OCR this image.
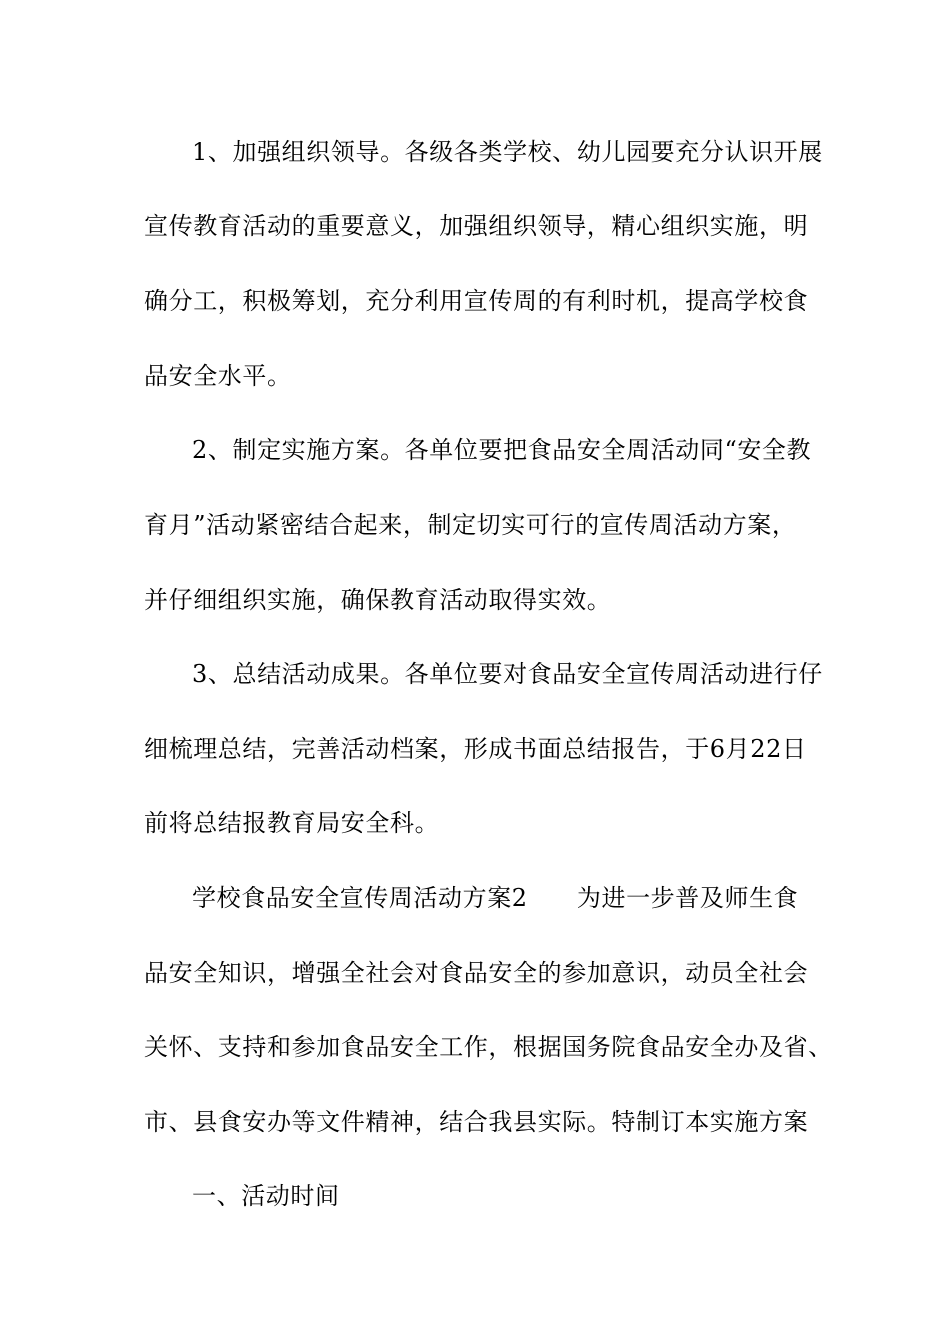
1、加强组织领导。各级各类学校、幼儿园要充分认识开展
宣传教育活动的重要意义，加强组织领导，精心组织实施，明
确分工，积极筹划，充分利用宣传周的有利时机，提高学校食
品安全水平。
2、制定实施方案。各单位要把食品安全周活动同“安全教
育月”活动紧密结合起来，制定切实可行的宣传周活动方案，
并仔细组织实施，确保教育活动取得实效。
3、总结活动成果。各单位要对食品安全宣传周活动进行仔
细梳理总结，完善活动档案，形成书面总结报告，于6月22日
前将总结报教育局安全科。
学校食品安全宣传周活动方案2　　为进一步普及师生食
品安全知识，增强全社会对食品安全的参加意识，动员全社会
关怀、支持和参加食品安全工作，根据国务院食品安全办及省、
市、县食安办等文件精神，结合我县实际。特制订本实施方案
一、活动时间
